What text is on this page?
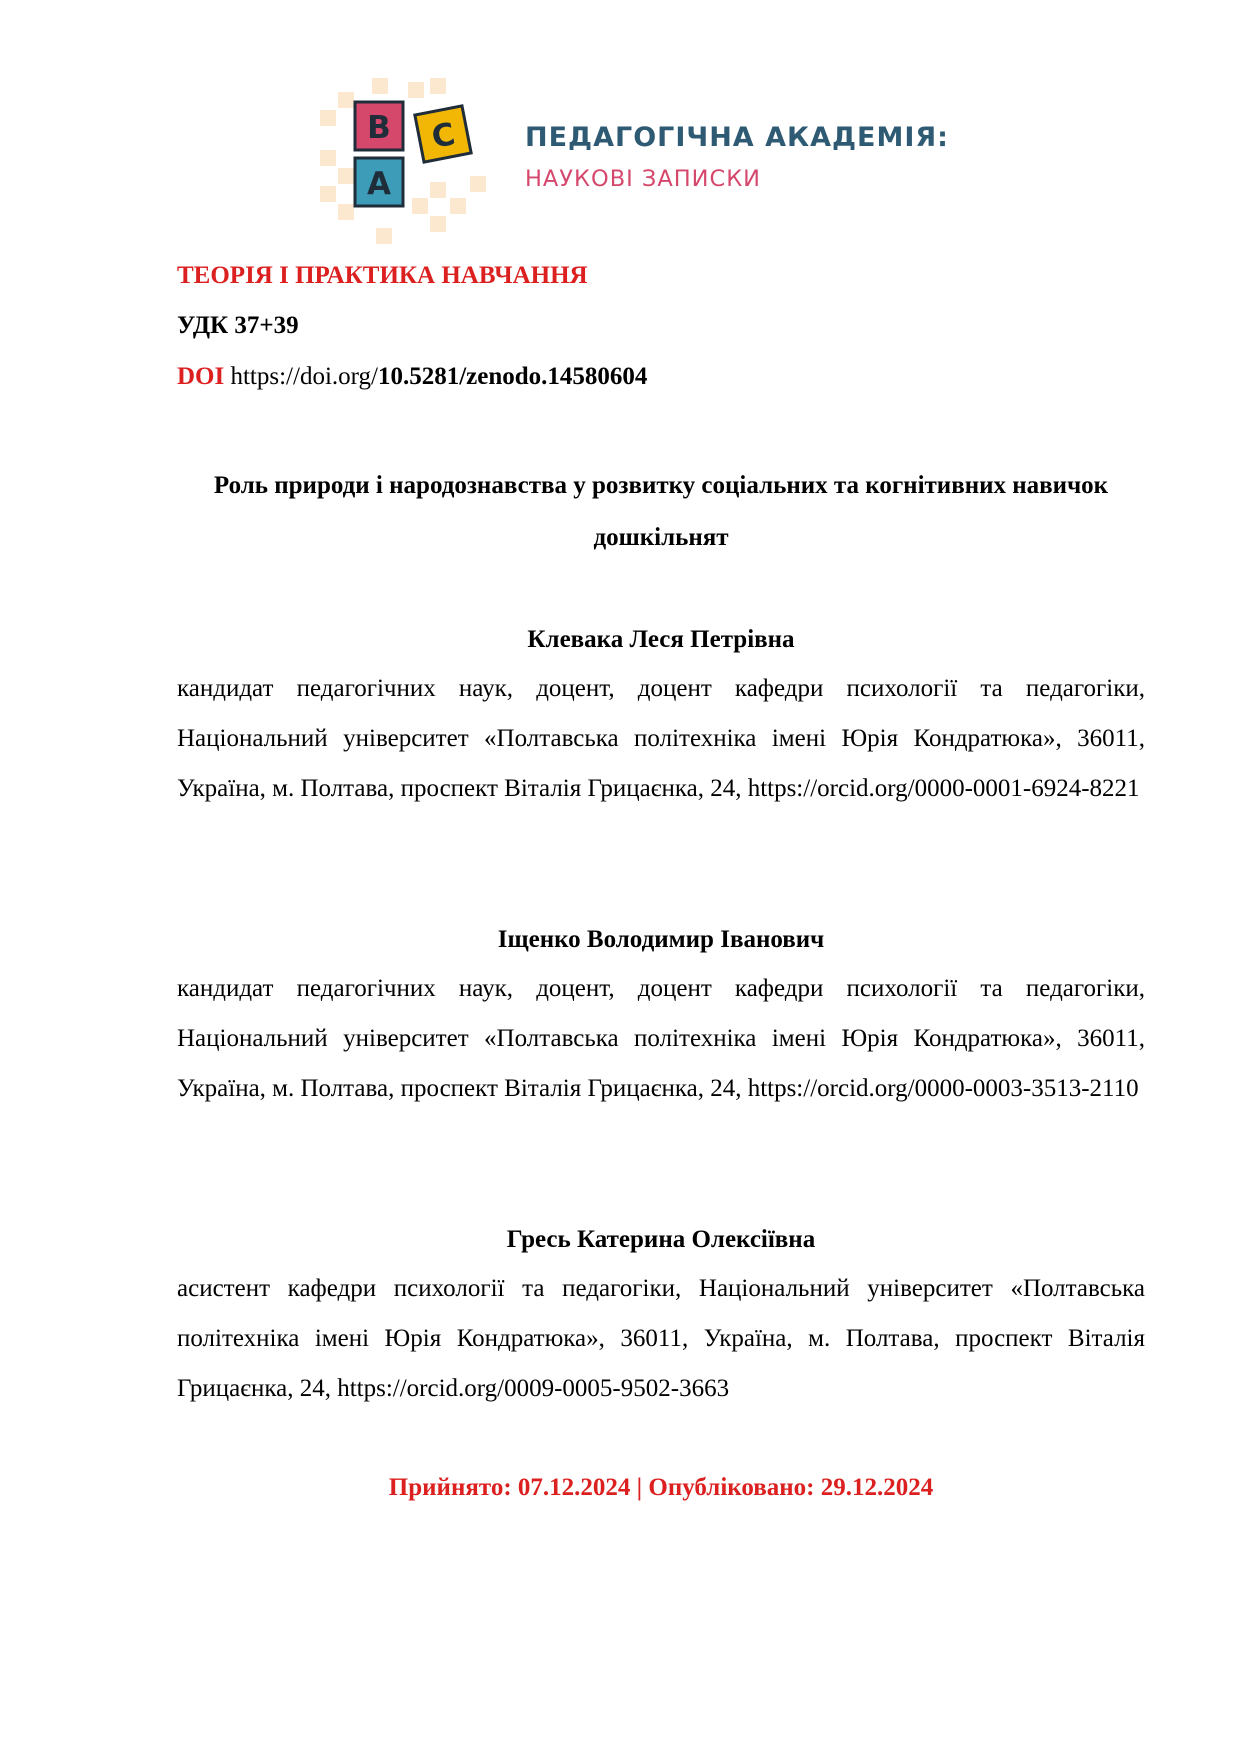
B
A
C ПЕДАГОГІЧНА АКАДЕМІЯ:
НАУКОВІ ЗАПИСКИ
ТЕОРІЯ І ПРАКТИКА НАВЧАННЯ
УДК 37+39
DOI https://doi.org/10.5281/zenodo.14580604
Роль природи і народознавства у розвитку соціальних та когнітивних навичок дошкільнят
Клевака Леся Петрівна
кандидат педагогічних наук, доцент, доцент кафедри психології та педагогіки, Національний університет «Полтавська політехніка імені Юрія Кондратюка», 36011, Україна, м. Полтава, проспект Віталія Грицаєнка, 24, https://orcid.org/0000-0001-6924-8221
Іщенко Володимир Іванович
кандидат педагогічних наук, доцент, доцент кафедри психології та педагогіки, Національний університет «Полтавська політехніка імені Юрія Кондратюка», 36011, Україна, м. Полтава, проспект Віталія Грицаєнка, 24, https://orcid.org/0000-0003-3513-2110
Гресь Катерина Олексіївна
асистент кафедри психології та педагогіки, Національний університет «Полтавська політехніка імені Юрія Кондратюка», 36011, Україна, м. Полтава, проспект Віталія Грицаєнка, 24, https://orcid.org/0009-0005-9502-3663
Прийнято: 07.12.2024 | Опубліковано: 29.12.2024
